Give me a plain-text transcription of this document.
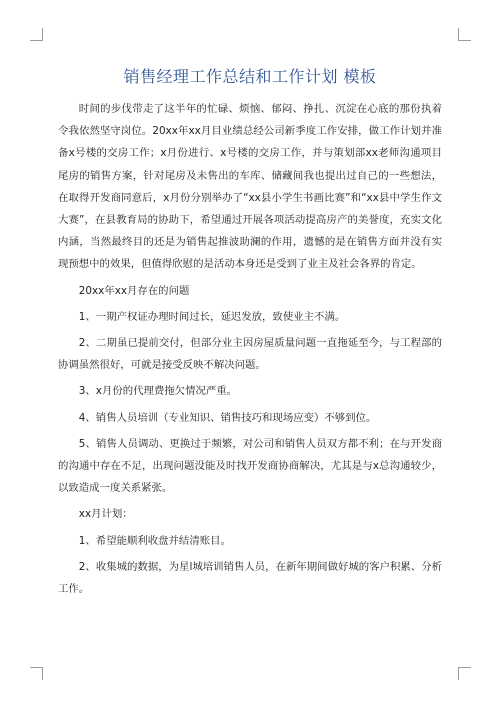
销售经理工作总结和工作计划 模板

时间的步伐带走了这半年的忙碌、烦恼、郁闷、挣扎、沉淀在心底的那份执着令我依然坚守岗位。20xx年xx月目业绩总经公司新季度工作安排，做工作计划并准备x号楼的交房工作；x月份进行、x号楼的交房工作，并与策划部xx老师沟通项目尾房的销售方案，针对尾房及未售出的车库、储藏间我也提出过自己的一些想法，在取得开发商同意后，x月份分别举办了“xx县小学生书画比赛”和“xx县中学生作文大赛”，在县教育局的协助下，希望通过开展各项活动提高房产的美誉度，充实文化内涵，当然最终目的还是为销售起推波助澜的作用，遗憾的是在销售方面并没有实现预想中的效果，但值得欣慰的是活动本身还是受到了业主及社会各界的肯定。

20xx年xx月存在的问题

1、一期产权证办理时间过长，延迟发放，致使业主不满。

2、二期虽已提前交付，但部分业主因房屋质量问题一直拖延至今，与工程部的协调虽然很好，可就是接受反映不解决问题。

3、x月份的代理费拖欠情况严重。

4、销售人员培训（专业知识、销售技巧和现场应变）不够到位。

5、销售人员调动、更换过于频繁，对公司和销售人员双方都不利；在与开发商的沟通中存在不足，出现问题没能及时找开发商协商解决，尤其是与x总沟通较少，以致造成一度关系紧张。

xx月计划：

1、希望能顺利收盘并结清账目。

2、收集城的数据，为星l城培训销售人员，在新年期间做好城的客户积累、分析工作。
